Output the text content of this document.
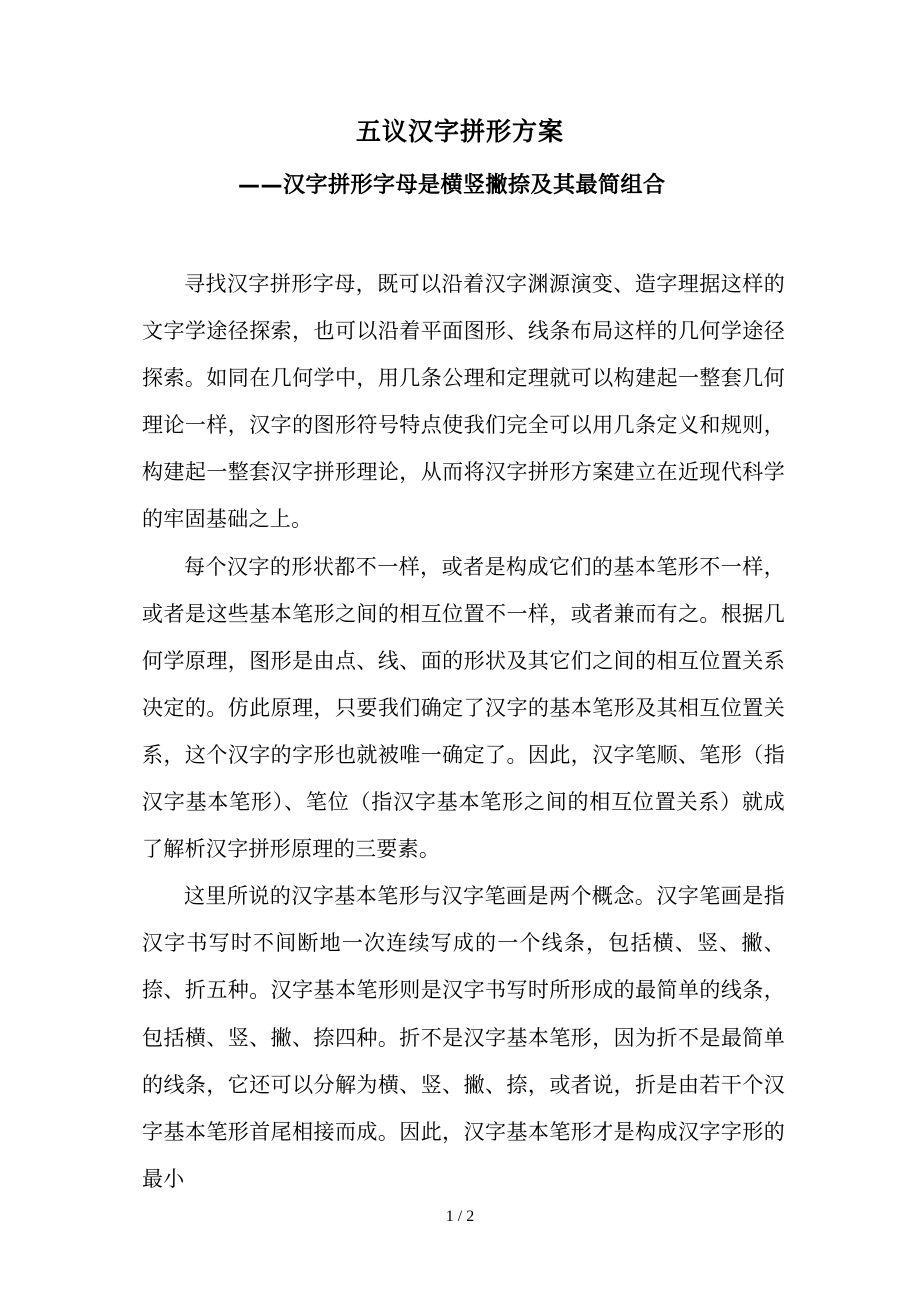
五议汉字拼形方案
——汉字拼形字母是横竖撇捺及其最简组合

寻找汉字拼形字母，既可以沿着汉字渊源演变、造字理据这样的文字学途径探索，也可以沿着平面图形、线条布局这样的几何学途径探索。如同在几何学中，用几条公理和定理就可以构建起一整套几何理论一样，汉字的图形符号特点使我们完全可以用几条定义和规则，构建起一整套汉字拼形理论，从而将汉字拼形方案建立在近现代科学的牢固基础之上。

每个汉字的形状都不一样，或者是构成它们的基本笔形不一样，或者是这些基本笔形之间的相互位置不一样，或者兼而有之。根据几何学原理，图形是由点、线、面的形状及其它们之间的相互位置关系决定的。仿此原理，只要我们确定了汉字的基本笔形及其相互位置关系，这个汉字的字形也就被唯一确定了。因此，汉字笔顺、笔形（指汉字基本笔形）、笔位（指汉字基本笔形之间的相互位置关系）就成了解析汉字拼形原理的三要素。

这里所说的汉字基本笔形与汉字笔画是两个概念。汉字笔画是指汉字书写时不间断地一次连续写成的一个线条，包括横、竖、撇、捺、折五种。汉字基本笔形则是汉字书写时所形成的最简单的线条，包括横、竖、撇、捺四种。折不是汉字基本笔形，因为折不是最简单的线条，它还可以分解为横、竖、撇、捺，或者说，折是由若干个汉字基本笔形首尾相接而成。因此，汉字基本笔形才是构成汉字字形的最小

1 / 2
